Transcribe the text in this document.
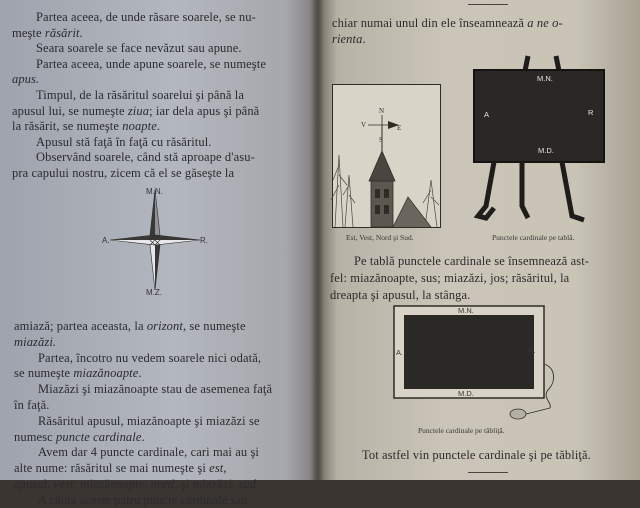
Partea aceea, de unde răsare soarele, se nu-
meşte răsărit.
Seara soarele se face nevăzut sau apune.
Partea aceea, unde apune soarele, se numeşte
apus.
Timpul, de la răsăritul soarelui şi până la
apusul lui, se numeşte ziua; iar dela apus şi până
la răsărit, se numeşte noapte.
Apusul stă faţă în faţă cu răsăritul.
Observând soarele, când stă aproape d'asu-
pra capului nostru, zicem că el se găseşte la
M.N.
A.	R.
M.Z.
amiază; partea aceasta, la orizont, se numeşte
miazăzi.
Partea, încotro nu vedem soarele nici odată,
se numeşte miazănoapte.
Miazăzi şi miazănoapte stau de asemenea faţă
în faţă.
Răsăritul apusul, miazănoapte şi miazăzi se
numesc puncte cardinale.
Avem dar 4 puncte cardinale, cari mai au şi
alte nume: răsăritul se mai numeşte şi est,
apusul, vest, miazănoapte, nord, şi miazăzi, sud.
A căuta aceste patru puncte cardinale sau
chiar numai unul din ele înseamnează a ne o-
rienta.
V	E
N
S
Est, Vest, Nord şi Sud.
M.N.
A	R
M.D.
Punctele cardinale pe tablă.
Pe tablă punctele cardinale se însemnează ast-
fel: miazănoapte, sus; miazăzi, jos; răsăritul, la
dreapta şi apusul, la stânga.
M.N.
A.	R.
M.D.
Punctele cardinale pe tăbliţă.
Tot astfel vin punctele cardinale şi pe tăbliţă.
